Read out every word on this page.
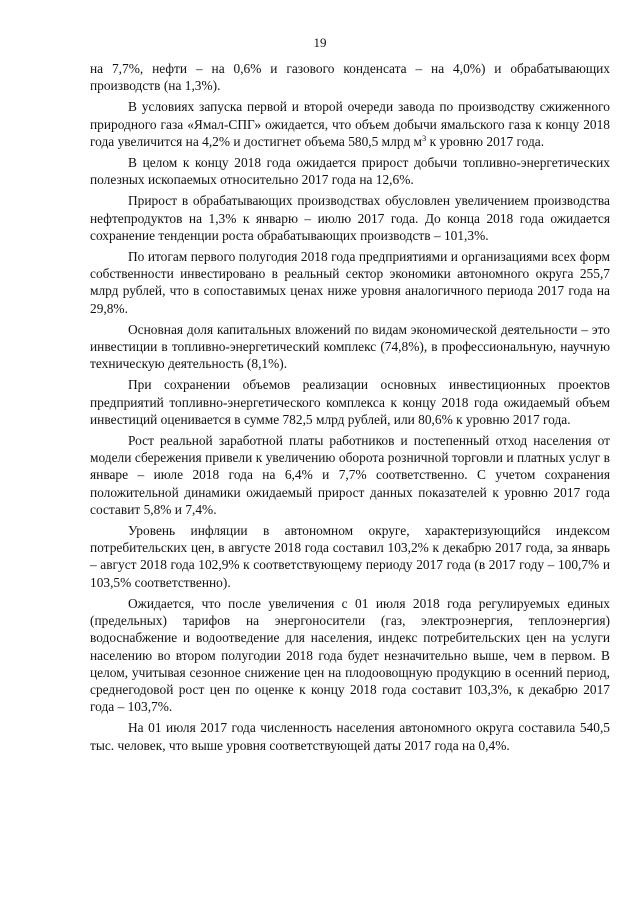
19

на 7,7%, нефти – на 0,6% и газового конденсата – на 4,0%) и обрабатывающих производств (на 1,3%).

В условиях запуска первой и второй очереди завода по производству сжиженного природного газа «Ямал-СПГ» ожидается, что объем добычи ямальского газа к концу 2018 года увеличится на 4,2% и достигнет объема 580,5 млрд $м^3$ к уровню 2017 года.

В целом к концу 2018 года ожидается прирост добычи топливно-энергетических полезных ископаемых относительно 2017 года на 12,6%.

Прирост в обрабатывающих производствах обусловлен увеличением производства нефтепродуктов на 1,3% к январю – июлю 2017 года. До конца 2018 года ожидается сохранение тенденции роста обрабатывающих производств – 101,3%.

По итогам первого полугодия 2018 года предприятиями и организациями всех форм собственности инвестировано в реальный сектор экономики автономного округа 255,7 млрд рублей, что в сопоставимых ценах ниже уровня аналогичного периода 2017 года на 29,8%.

Основная доля капитальных вложений по видам экономической деятельности – это инвестиции в топливно-энергетический комплекс (74,8%), в профессиональную, научную техническую деятельность (8,1%).

При сохранении объемов реализации основных инвестиционных проектов предприятий топливно-энергетического комплекса к концу 2018 года ожидаемый объем инвестиций оценивается в сумме 782,5 млрд рублей, или 80,6% к уровню 2017 года.

Рост реальной заработной платы работников и постепенный отход населения от модели сбережения привели к увеличению оборота розничной торговли и платных услуг в январе – июле 2018 года на 6,4% и 7,7% соответственно. С учетом сохранения положительной динамики ожидаемый прирост данных показателей к уровню 2017 года составит 5,8% и 7,4%.

Уровень инфляции в автономном округе, характеризующийся индексом потребительских цен, в августе 2018 года составил 103,2% к декабрю 2017 года, за январь – август 2018 года 102,9% к соответствующему периоду 2017 года (в 2017 году – 100,7% и 103,5% соответственно).

Ожидается, что после увеличения с 01 июля 2018 года регулируемых единых (предельных) тарифов на энергоносители (газ, электроэнергия, теплоэнергия) водоснабжение и водоотведение для населения, индекс потребительских цен на услуги населению во втором полугодии 2018 года будет незначительно выше, чем в первом. В целом, учитывая сезонное снижение цен на плодоовощную продукцию в осенний период, среднегодовой рост цен по оценке к концу 2018 года составит 103,3%, к декабрю 2017 года – 103,7%.

На 01 июля 2017 года численность населения автономного округа составила 540,5 тыс. человек, что выше уровня соответствующей даты 2017 года на 0,4%.
